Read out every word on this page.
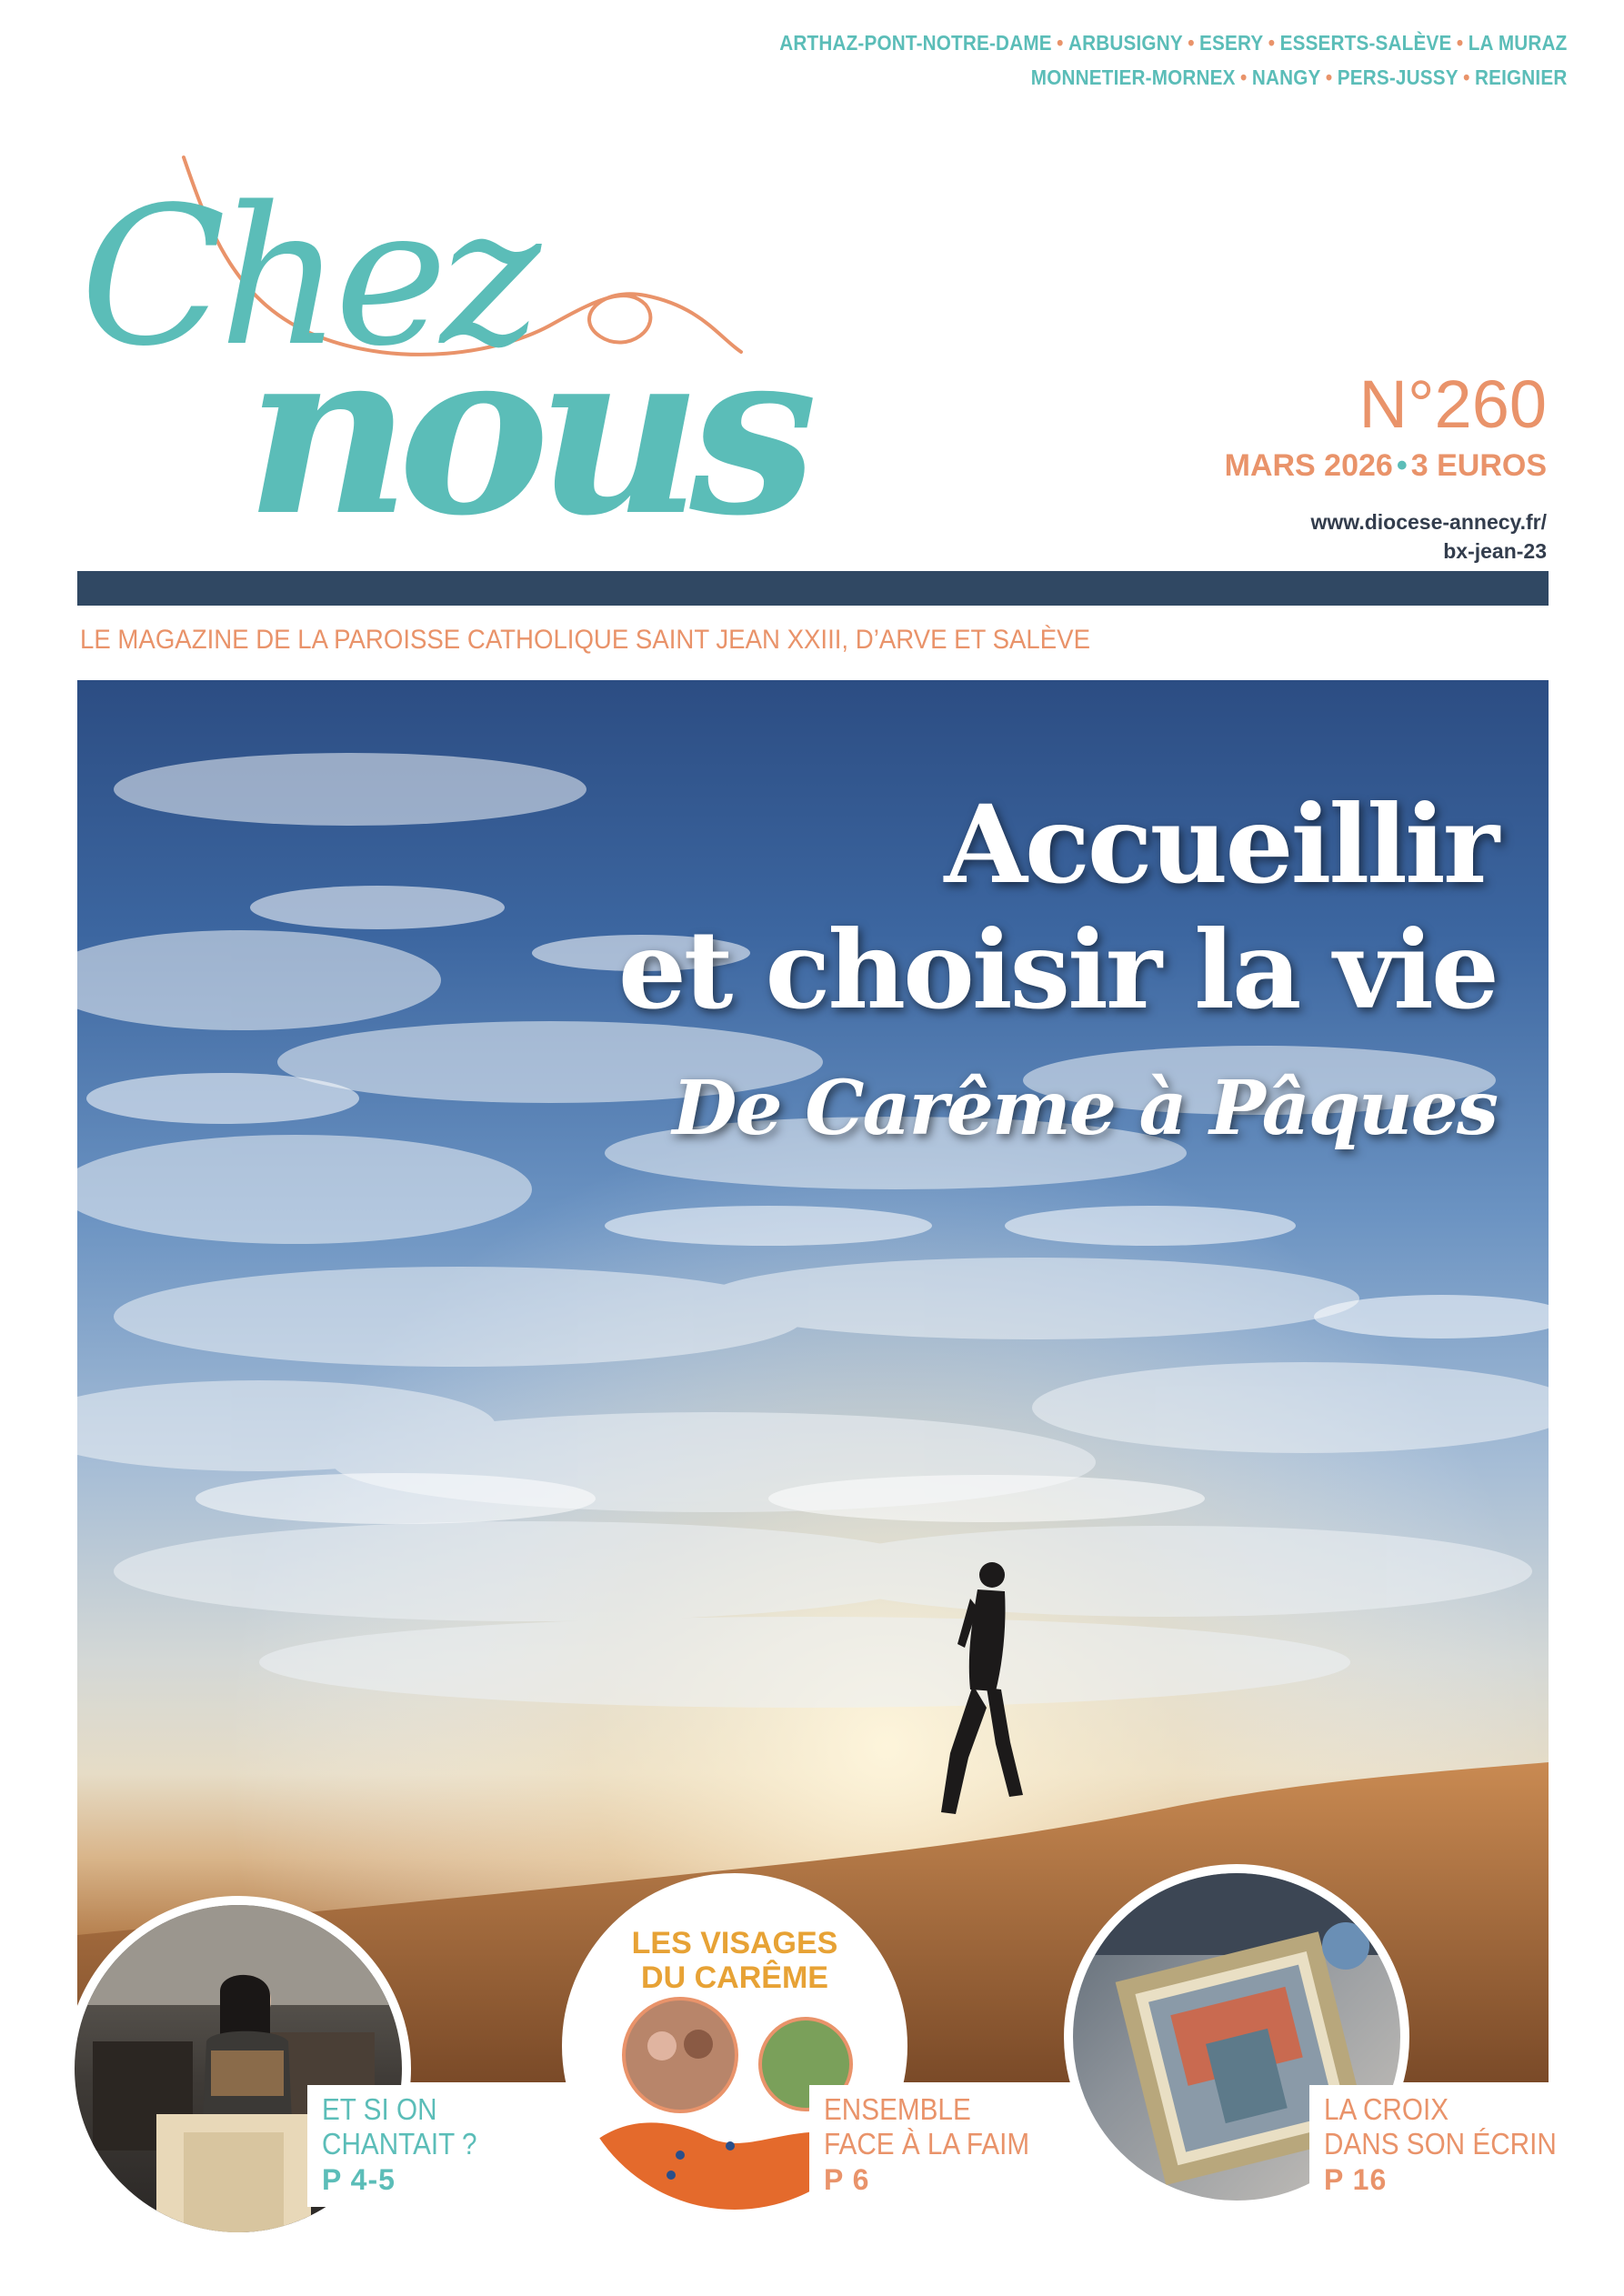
ARTHAZ-PONT-NOTRE-DAME • ARBUSIGNY • ESERY • ESSERTS-SALÈVE • LA MURAZ
MONNETIER-MORNEX • NANGY • PERS-JUSSY • REIGNIER
Chez
nous	N°260
MARS 2026 • 3 EUROS
www.diocese-annecy.fr/
bx-jean-23
LE MAGAZINE DE LA PAROISSE CATHOLIQUE SAINT JEAN XXIII, D’ARVE ET SALÈVE
Accueillir
et choisir la vie
De Carême à Pâques
ET SI ON
CHANTAIT ?
P 4-5
LES VISAGES
DU CARÊME
ENSEMBLE
FACE À LA FAIM
P 6
LA CROIX
DANS SON ÉCRIN
P 16
